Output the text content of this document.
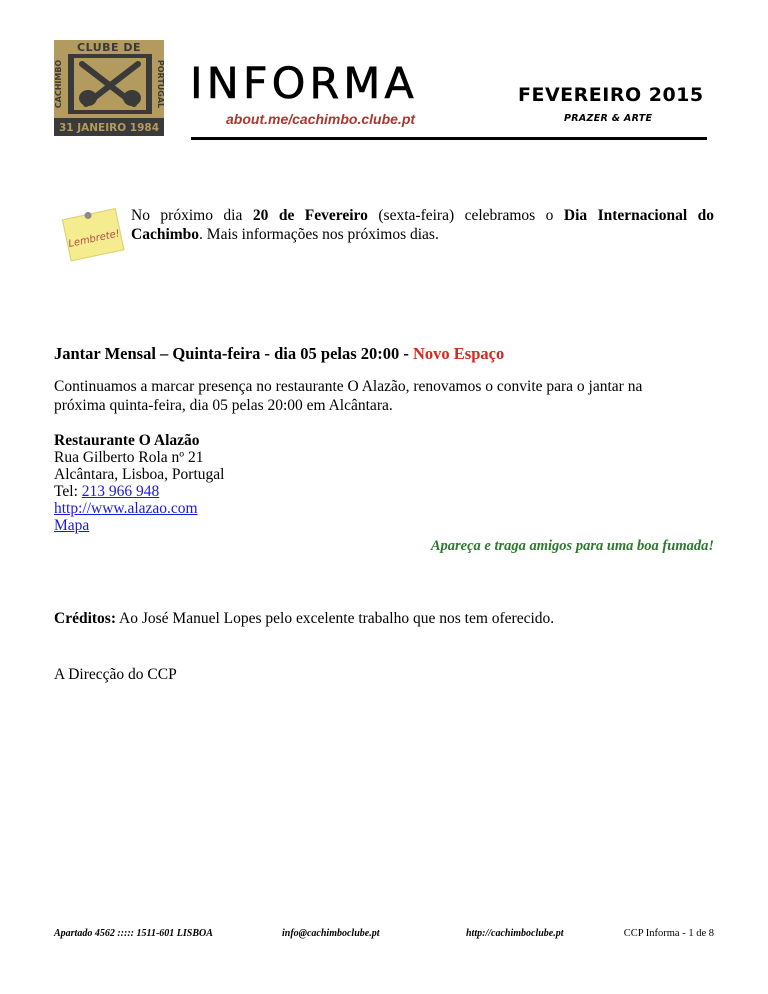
CLUBE DE
CACHIMBO	PORTUGAL
31 JANEIRO 1984
INFORMA	FEVEREIRO 2015
about.me/cachimbo.clube.pt	PRAZER & ARTE
Lembrete!
No próximo dia 20 de Fevereiro (sexta-feira) celebramos o Dia Internacional do Cachimbo. Mais informações nos próximos dias.
Jantar Mensal – Quinta-feira - dia 05 pelas 20:00 - Novo Espaço
Continuamos a marcar presença no restaurante O Alazão, renovamos o convite para o jantar na próxima quinta-feira, dia 05 pelas 20:00 em Alcântara.
Restaurante O Alazão
Rua Gilberto Rola nº 21
Alcântara, Lisboa, Portugal
Tel: 213 966 948
http://www.alazao.com
Mapa
Apareça e traga amigos para uma boa fumada!
Créditos: Ao José Manuel Lopes pelo excelente trabalho que nos tem oferecido.
A Direcção do CCP
Apartado 4562 ::::: 1511-601 LISBOA	info@cachimboclube.pt	http://cachimboclube.pt	CCP Informa - 1 de 8
